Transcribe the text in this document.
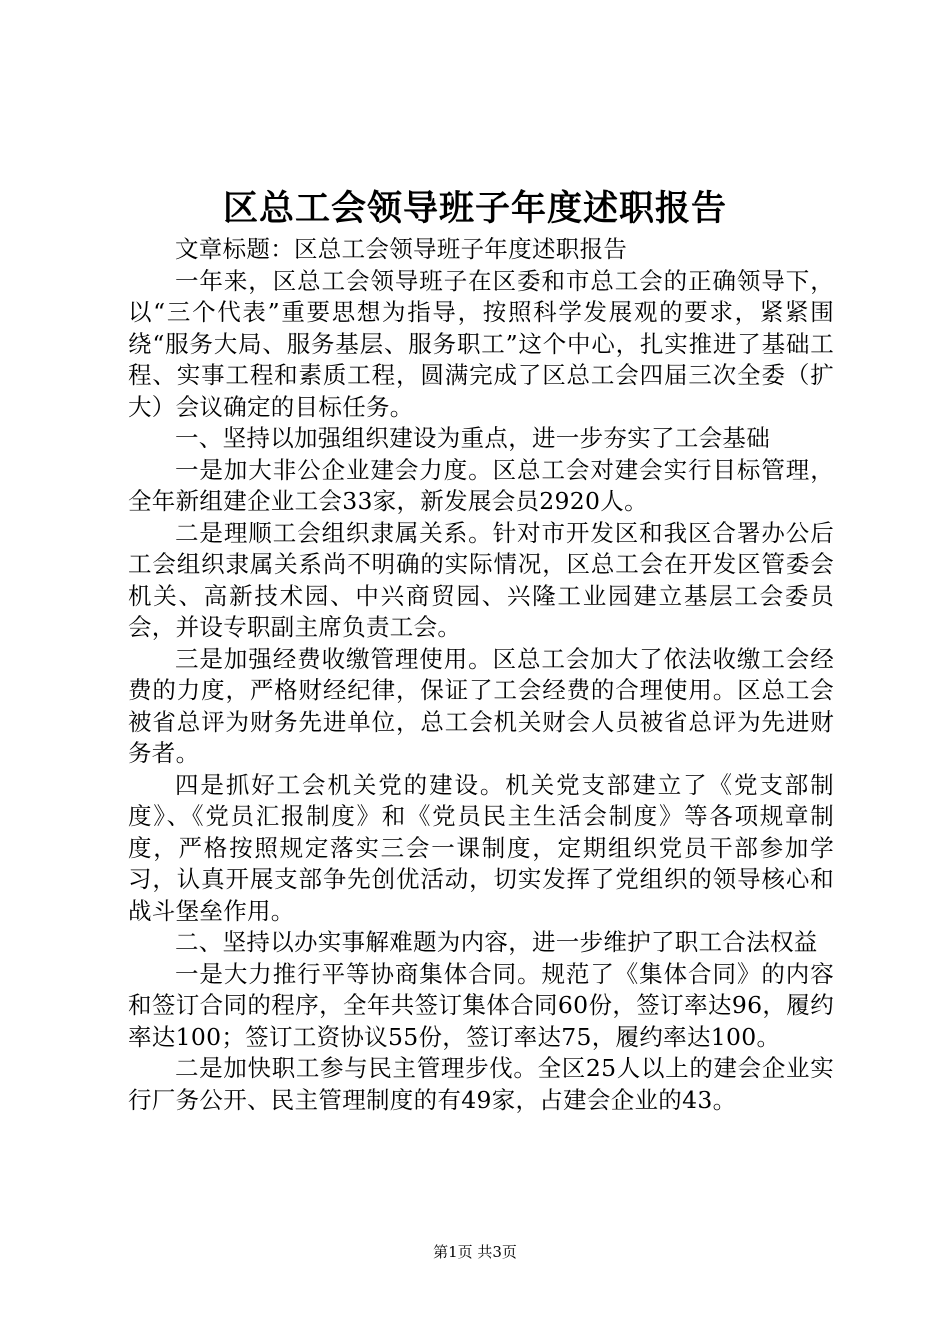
区总工会领导班子年度述职报告

文章标题：区总工会领导班子年度述职报告

一年来，区总工会领导班子在区委和市总工会的正确领导下，以“三个代表”重要思想为指导，按照科学发展观的要求，紧紧围绕“服务大局、服务基层、服务职工”这个中心，扎实推进了基础工程、实事工程和素质工程，圆满完成了区总工会四届三次全委（扩大）会议确定的目标任务。

一、坚持以加强组织建设为重点，进一步夯实了工会基础

一是加大非公企业建会力度。区总工会对建会实行目标管理，全年新组建企业工会33家，新发展会员2920人。

二是理顺工会组织隶属关系。针对市开发区和我区合署办公后工会组织隶属关系尚不明确的实际情况，区总工会在开发区管委会机关、高新技术园、中兴商贸园、兴隆工业园建立基层工会委员会，并设专职副主席负责工会。

三是加强经费收缴管理使用。区总工会加大了依法收缴工会经费的力度，严格财经纪律，保证了工会经费的合理使用。区总工会被省总评为财务先进单位，总工会机关财会人员被省总评为先进财务者。

四是抓好工会机关党的建设。机关党支部建立了《党支部制度》、《党员汇报制度》和《党员民主生活会制度》等各项规章制度，严格按照规定落实三会一课制度，定期组织党员干部参加学习，认真开展支部争先创优活动，切实发挥了党组织的领导核心和战斗堡垒作用。

二、坚持以办实事解难题为内容，进一步维护了职工合法权益

一是大力推行平等协商集体合同。规范了《集体合同》的内容和签订合同的程序，全年共签订集体合同60份，签订率达96，履约率达100；签订工资协议55份，签订率达75，履约率达100。

二是加快职工参与民主管理步伐。全区25人以上的建会企业实行厂务公开、民主管理制度的有49家，占建会企业的43。

第1页 共3页
